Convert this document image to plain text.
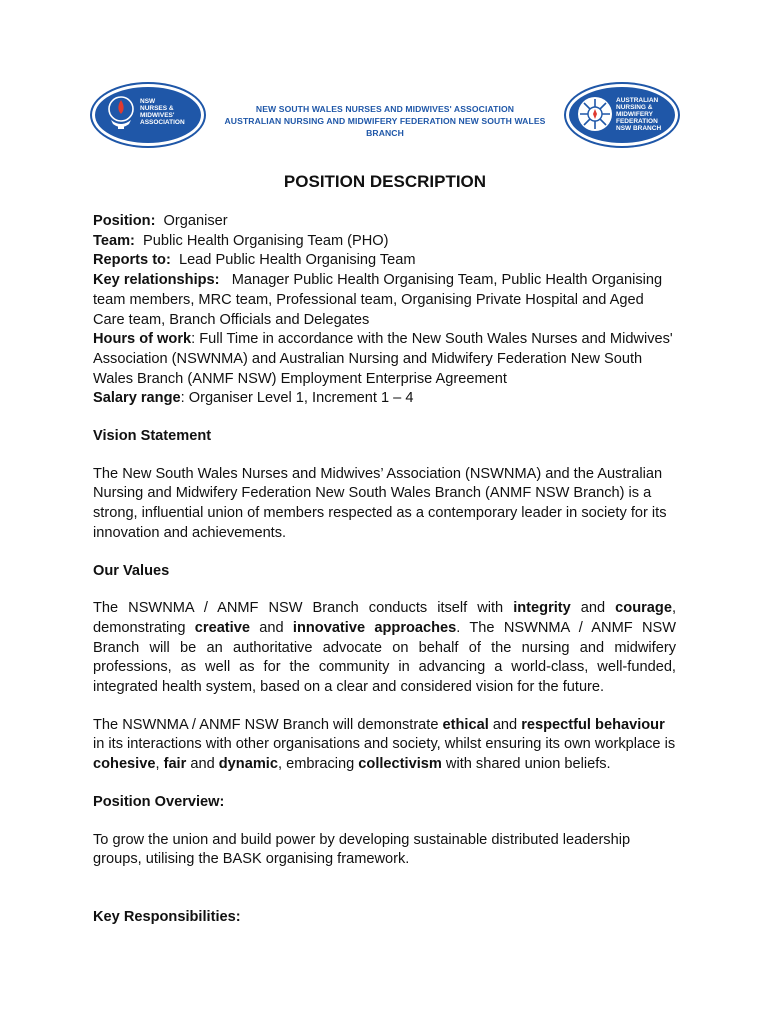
NSW
NURSES &
MIDWIVES'
ASSOCIATION
NEW SOUTH WALES NURSES AND MIDWIVES' ASSOCIATION
AUSTRALIAN NURSING AND MIDWIFERY FEDERATION NEW SOUTH WALES BRANCH
AUSTRALIAN
NURSING &
MIDWIFERY
FEDERATION
NSW BRANCH
POSITION DESCRIPTION

Position: Organiser

Team: Public Health Organising Team (PHO)

Reports to: Lead Public Health Organising Team

Key relationships: Manager Public Health Organising Team, Public Health Organising team members, MRC team, Professional team, Organising Private Hospital and Aged Care team, Branch Officials and Delegates

Hours of work: Full Time in accordance with the New South Wales Nurses and Midwives' Association (NSWNMA) and Australian Nursing and Midwifery Federation New South Wales Branch (ANMF NSW) Employment Enterprise Agreement

Salary range: Organiser Level 1, Increment 1 – 4

Vision Statement

The New South Wales Nurses and Midwives’ Association (NSWNMA) and the Australian Nursing and Midwifery Federation New South Wales Branch (ANMF NSW Branch) is a strong, influential union of members respected as a contemporary leader in society for its innovation and achievements.

Our Values

The NSWNMA / ANMF NSW Branch conducts itself with integrity and courage, demonstrating creative and innovative approaches. The NSWNMA / ANMF NSW Branch will be an authoritative advocate on behalf of the nursing and midwifery professions, as well as for the community in advancing a world-class, well-funded, integrated health system, based on a clear and considered vision for the future.

The NSWNMA / ANMF NSW Branch will demonstrate ethical and respectful behaviour in its interactions with other organisations and society, whilst ensuring its own workplace is cohesive, fair and dynamic, embracing collectivism with shared union beliefs.

Position Overview:

To grow the union and build power by developing sustainable distributed leadership groups, utilising the BASK organising framework.

Key Responsibilities:
